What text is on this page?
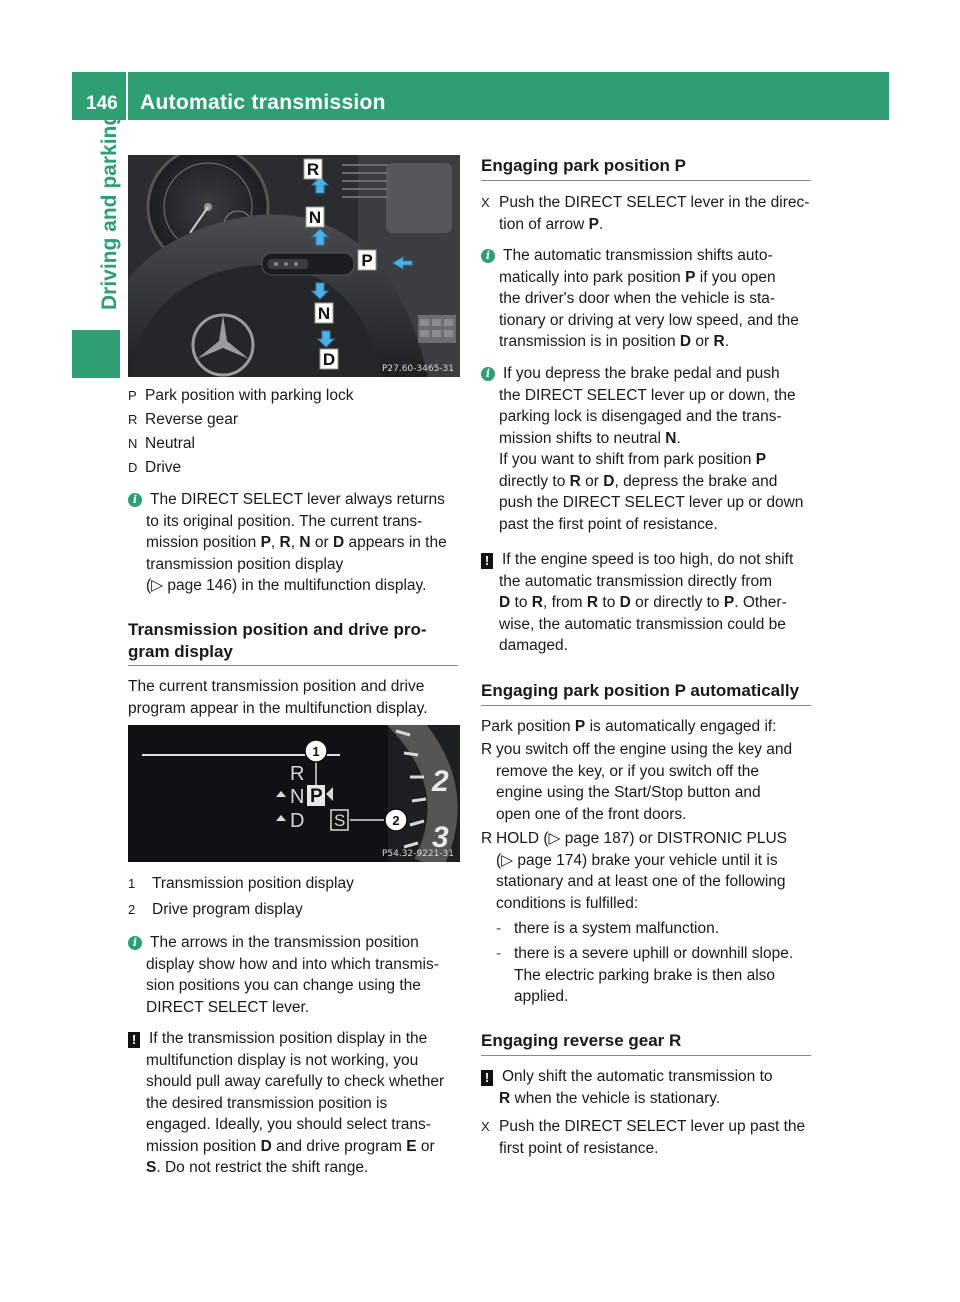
146 Automatic transmission
Driving and parking	R
N
P
N
D	P27.60-3465-31
P Park position with parking lock
R Reverse gear
N Neutral
D Drive
i The DIRECT SELECT lever always returns
to its original position. The current trans-
mission position P, R, N or D appears in the
transmission position display
(▷ page 146) in the multifunction display.
Transmission position and drive pro-
gram display
The current transmission position and drive
program appear in the multifunction display.
2
3
R
N
D
P
S
1
2
P54.32-9221-31
1	Transmission position display
2	Drive program display
i The arrows in the transmission position
display show how and into which transmis-
sion positions you can change using the
DIRECT SELECT lever.
! If the transmission position display in the
multifunction display is not working, you
should pull away carefully to check whether
the desired transmission position is
engaged. Ideally, you should select trans-
mission position D and drive program E or
S. Do not restrict the shift range.
Engaging park position P
X Push the DIRECT SELECT lever in the direc-
tion of arrow P.
i The automatic transmission shifts auto-
matically into park position P if you open
the driver's door when the vehicle is sta-
tionary or driving at very low speed, and the
transmission is in position D or R.
i If you depress the brake pedal and push
the DIRECT SELECT lever up or down, the
parking lock is disengaged and the trans-
mission shifts to neutral N.
If you want to shift from park position P
directly to R or D, depress the brake and
push the DIRECT SELECT lever up or down
past the first point of resistance.
! If the engine speed is too high, do not shift
the automatic transmission directly from
D to R, from R to D or directly to P. Other-
wise, the automatic transmission could be
damaged.
Engaging park position P automatically
Park position P is automatically engaged if:
R you switch off the engine using the key and
remove the key, or if you switch off the
engine using the Start/Stop button and
open one of the front doors.
R HOLD (▷ page 187) or DISTRONIC PLUS
(▷ page 174) brake your vehicle until it is
stationary and at least one of the following
conditions is fulfilled:
- there is a system malfunction.
- there is a severe uphill or downhill slope.
The electric parking brake is then also
applied.
Engaging reverse gear R
! Only shift the automatic transmission to
R when the vehicle is stationary.
X Push the DIRECT SELECT lever up past the
first point of resistance.
